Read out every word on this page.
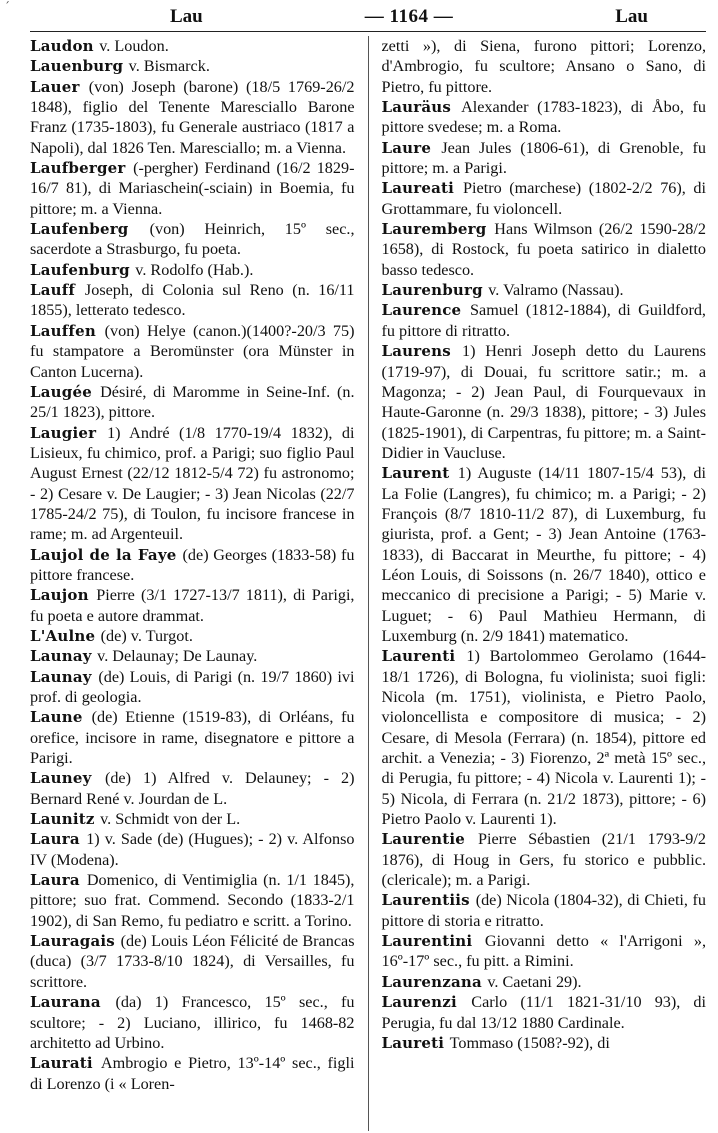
´	Lau	— 1164 —	Lau

Laudon v. Loudon.

Lauenburg v. Bismarck.

Lauer (von) Joseph (barone) (18/5 1769-26/2 1848), figlio del Tenente Maresciallo Barone Franz (1735-1803), fu Generale austriaco (1817 a Napoli), dal 1826 Ten. Maresciallo; m. a Vienna.

Laufberger (-pergher) Ferdinand (16/2 1829-16/7 81), di Mariaschein(-sciain) in Boemia, fu pittore; m. a Vienna.

Laufenberg (von) Heinrich, 15º sec., sacerdote a Strasburgo, fu poeta.

Laufenburg v. Rodolfo (Hab.).

Lauff Joseph, di Colonia sul Reno (n. 16/11 1855), letterato tedesco.

Lauffen (von) Helye (canon.)(1400?-20/3 75) fu stampatore a Beromünster (ora Münster in Canton Lucerna).

Laugée Désiré, di Maromme in Seine-Inf. (n. 25/1 1823), pittore.

Laugier 1) André (1/8 1770-19/4 1832), di Lisieux, fu chimico, prof. a Parigi; suo figlio Paul August Ernest (22/12 1812-5/4 72) fu astronomo; - 2) Cesare v. De Laugier; - 3) Jean Nicolas (22/7 1785-24/2 75), di Toulon, fu incisore francese in rame; m. ad Argenteuil.

Laujol de la Faye (de) Georges (1833-58) fu pittore francese.

Laujon Pierre (3/1 1727-13/7 1811), di Parigi, fu poeta e autore drammat.

L'Aulne (de) v. Turgot.

Launay v. Delaunay; De Launay.

Launay (de) Louis, di Parigi (n. 19/7 1860) ivi prof. di geologia.

Laune (de) Etienne (1519-83), di Orléans, fu orefice, incisore in rame, disegnatore e pittore a Parigi.

Launey (de) 1) Alfred v. Delauney; - 2) Bernard René v. Jourdan de L.

Launitz v. Schmidt von der L.

Laura 1) v. Sade (de) (Hugues); - 2) v. Alfonso IV (Modena).

Laura Domenico, di Ventimiglia (n. 1/1 1845), pittore; suo frat. Commend. Secondo (1833-2/1 1902), di San Remo, fu pediatro e scritt. a Torino.

Lauragais (de) Louis Léon Félicité de Brancas (duca) (3/7 1733-8/10 1824), di Versailles, fu scrittore.

Laurana (da) 1) Francesco, 15º sec., fu scultore; - 2) Luciano, illirico, fu 1468-82 architetto ad Urbino.

Laurati Ambrogio e Pietro, 13º-14º sec., figli di Lorenzo (i « Loren-

zetti »), di Siena, furono pittori; Lorenzo, d'Ambrogio, fu scultore; Ansano o Sano, di Pietro, fu pittore.

Lauräus Alexander (1783-1823), di Åbo, fu pittore svedese; m. a Roma.

Laure Jean Jules (1806-61), di Grenoble, fu pittore; m. a Parigi.

Laureati Pietro (marchese) (1802-2/2 76), di Grottammare, fu violoncell.

Lauremberg Hans Wilmson (26/2 1590-28/2 1658), di Rostock, fu poeta satirico in dialetto basso tedesco.

Laurenburg v. Valramo (Nassau).

Laurence Samuel (1812-1884), di Guildford, fu pittore di ritratto.

Laurens 1) Henri Joseph detto du Laurens (1719-97), di Douai, fu scrittore satir.; m. a Magonza; - 2) Jean Paul, di Fourquevaux in Haute-Garonne (n. 29/3 1838), pittore; - 3) Jules (1825-1901), di Carpentras, fu pittore; m. a Saint-Didier in Vaucluse.

Laurent 1) Auguste (14/11 1807-15/4 53), di La Folie (Langres), fu chimico; m. a Parigi; - 2) François (8/7 1810-11/2 87), di Luxemburg, fu giurista, prof. a Gent; - 3) Jean Antoine (1763-1833), di Baccarat in Meurthe, fu pittore; - 4) Léon Louis, di Soissons (n. 26/7 1840), ottico e meccanico di precisione a Parigi; - 5) Marie v. Luguet; - 6) Paul Mathieu Hermann, di Luxemburg (n. 2/9 1841) matematico.

Laurenti 1) Bartolommeo Gerolamo (1644-18/1 1726), di Bologna, fu violinista; suoi figli: Nicola (m. 1751), violinista, e Pietro Paolo, violoncellista e compositore di musica; - 2) Cesare, di Mesola (Ferrara) (n. 1854), pittore ed archit. a Venezia; - 3) Fiorenzo, 2ª metà 15º sec., di Perugia, fu pittore; - 4) Nicola v. Laurenti 1); - 5) Nicola, di Ferrara (n. 21/2 1873), pittore; - 6) Pietro Paolo v. Laurenti 1).

Laurentie Pierre Sébastien (21/1 1793-9/2 1876), di Houg in Gers, fu storico e pubblic. (clericale); m. a Parigi.

Laurentiis (de) Nicola (1804-32), di Chieti, fu pittore di storia e ritratto.

Laurentini Giovanni detto « l'Arrigoni », 16º-17º sec., fu pitt. a Rimini.

Laurenzana v. Caetani 29).

Laurenzi Carlo (11/1 1821-31/10 93), di Perugia, fu dal 13/12 1880 Cardinale.

Laureti Tommaso (1508?-92), di
